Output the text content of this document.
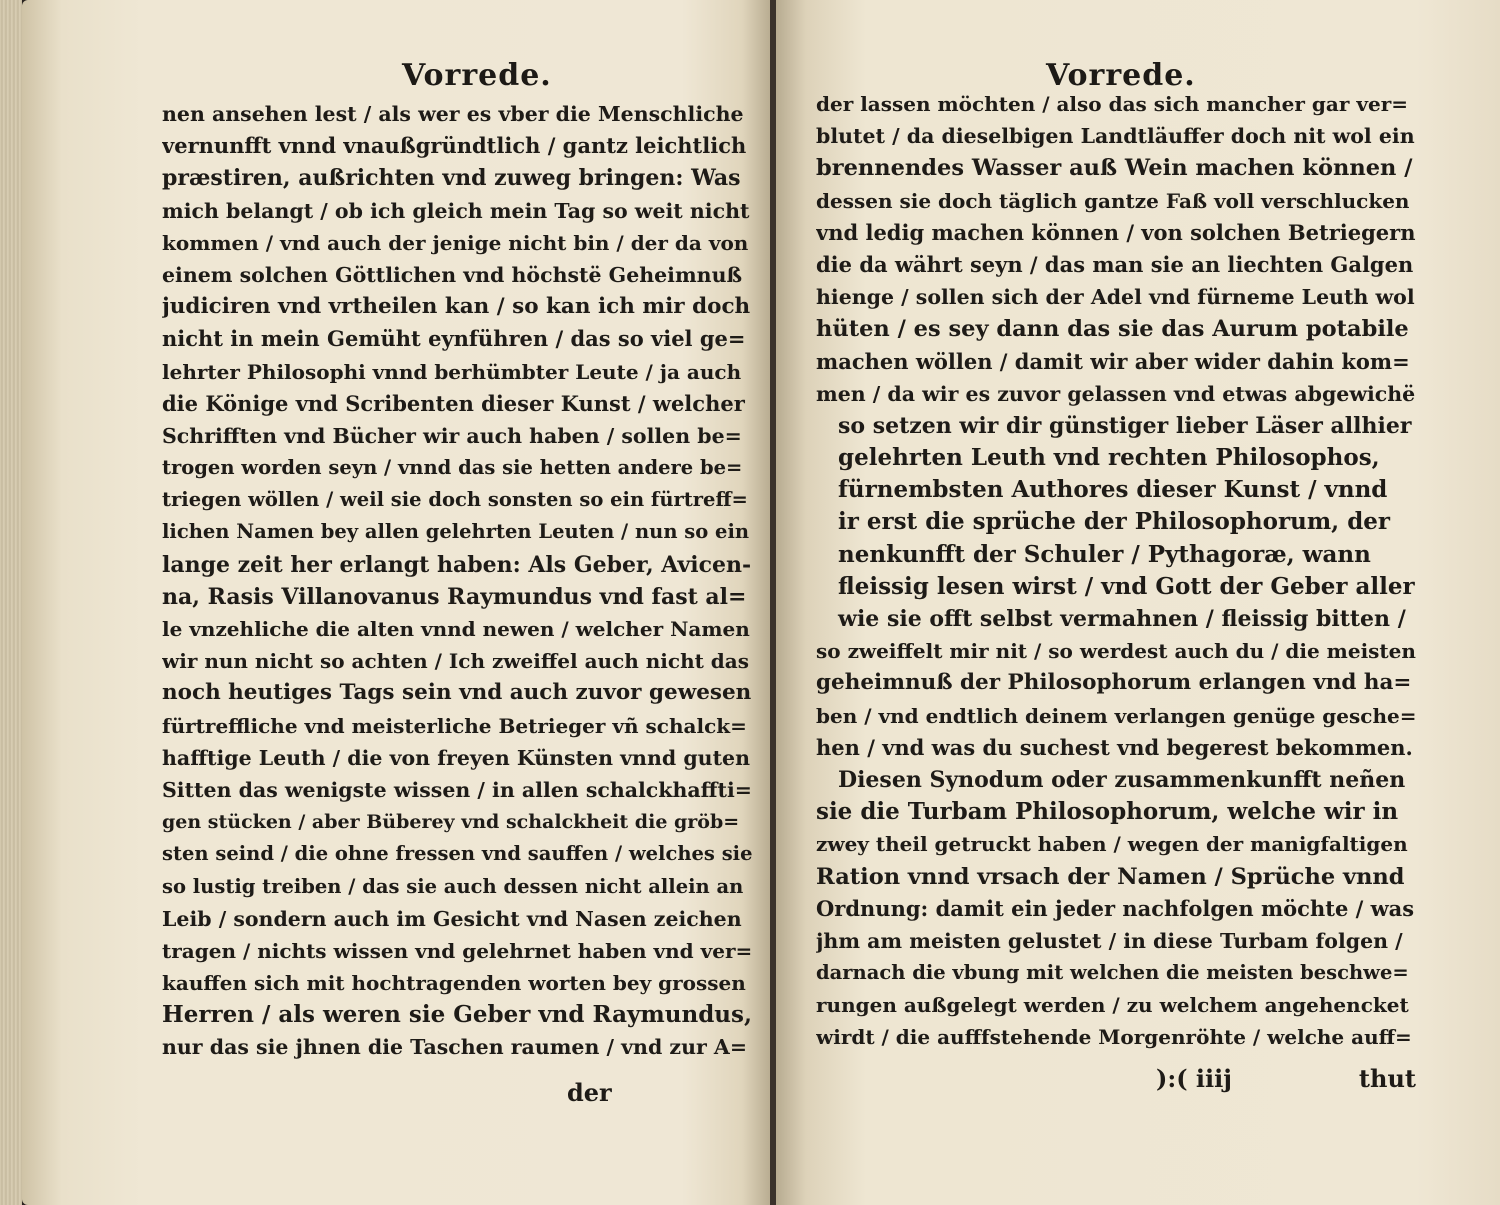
Vorrede.
nen ansehen lest / als wer es vber die Menschliche
vernunfft vnnd vnaußgründtlich / gantz leichtlich
præstiren, außrichten vnd zuweg bringen: Was
mich belangt / ob ich gleich mein Tag so weit nicht
kommen / vnd auch der jenige nicht bin / der da von
einem solchen Göttlichen vnd höchstë Geheimnuß
judiciren vnd vrtheilen kan / so kan ich mir doch
nicht in mein Gemüht eynführen / das so viel ge=
lehrter Philosophi vnnd berhümbter Leute / ja auch
die Könige vnd Scribenten dieser Kunst / welcher
Schrifften vnd Bücher wir auch haben / sollen be=
trogen worden seyn / vnnd das sie hetten andere be=
triegen wöllen / weil sie doch sonsten so ein fürtreff=
lichen Namen bey allen gelehrten Leuten / nun so ein
lange zeit her erlangt haben: Als Geber, Avicen-
na, Rasis Villanovanus Raymundus vnd fast al=
le vnzehliche die alten vnnd newen / welcher Namen
wir nun nicht so achten / Ich zweiffel auch nicht das
noch heutiges Tags sein vnd auch zuvor gewesen
fürtreffliche vnd meisterliche Betrieger vñ schalck=
hafftige Leuth / die von freyen Künsten vnnd guten
Sitten das wenigste wissen / in allen schalckhaffti=
gen stücken / aber Büberey vnd schalckheit die gröb=
sten seind / die ohne fressen vnd sauffen / welches sie
so lustig treiben / das sie auch dessen nicht allein an
Leib / sondern auch im Gesicht vnd Nasen zeichen
tragen / nichts wissen vnd gelehrnet haben vnd ver=
kauffen sich mit hochtragenden worten bey grossen
Herren / als weren sie Geber vnd Raymundus,
nur das sie jhnen die Taschen raumen / vnd zur A=

der

Vorrede.
der lassen möchten / also das sich mancher gar ver=
blutet / da dieselbigen Landtläuffer doch nit wol ein
brennendes Wasser auß Wein machen können /
dessen sie doch täglich gantze Faß voll verschlucken
vnd ledig machen können / von solchen Betriegern
die da währt seyn / das man sie an liechten Galgen
hienge / sollen sich der Adel vnd fürneme Leuth wol
hüten / es sey dann das sie das Aurum potabile
machen wöllen / damit wir aber wider dahin kom=
men / da wir es zuvor gelassen vnd etwas abgewichë
so setzen wir dir günstiger lieber Läser allhier
gelehrten Leuth vnd rechten Philosophos,
fürnembsten Authores dieser Kunst / vnnd
ir erst die sprüche der Philosophorum, der
nenkunfft der Schuler / Pythagoræ, wann
fleissig lesen wirst / vnd Gott der Geber aller
wie sie offt selbst vermahnen / fleissig bitten /
so zweiffelt mir nit / so werdest auch du / die meisten
geheimnuß der Philosophorum erlangen vnd ha=
ben / vnd endtlich deinem verlangen genüge gesche=
hen / vnd was du suchest vnd begerest bekommen.
Diesen Synodum oder zusammenkunfft neñen
sie die Turbam Philosophorum, welche wir in
zwey theil getruckt haben / wegen der manigfaltigen
Ration vnnd vrsach der Namen / Sprüche vnnd
Ordnung: damit ein jeder nachfolgen möchte / was
jhm am meisten gelustet / in diese Turbam folgen /
darnach die vbung mit welchen die meisten beschwe=
rungen außgelegt werden / zu welchem angehencket
wirdt / die aufffstehende Morgenröhte / welche auff=
):( iiij	thut
